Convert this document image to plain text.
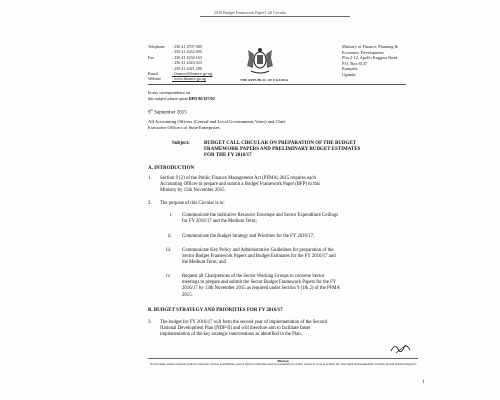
2016 Budget Framework Paper Call Circular
Telephone	: 256 41 4707 000
: 256 41 4232 095
Fax	: 256 41 4230 163
: 256 41 4343 023
: 256 41 4341 286
Email	: finance@finance.go.ug
Website	: www.finance.go.ug	THE REPUBLIC OF UGANDA
Ministry of Finance, Planning &
Economic Development
Plot 2-12, Apollo Kaggwa Road
P.O. Box 8147
Kampala
Uganda
In any correspondence on
this subject please quote BPD 86/107/02
9th September 2015
All Accounting Officers (Central and Local Governments Votes) and Chief
Executive Officers of State Enterprises
Subject:	BUDGET CALL CIRCULAR ON PREPARATION OF THE BUDGET
FRAMEWORK PAPERS AND PRELIMINARY BUDGET ESTIMATES
FOR THE FY 2016/17
A. INTRODUCTION
1. Section 9 (2) of the Public Finance Management Act (PFMA) 2015 requires each
Accounting Officer to prepare and submit a Budget Framework Paper (BFP) to this
Ministry by 15th November 2015.
2. The purpose of this Circular is to:
i. Communicate the Indicative Resource Envelope and Sector Expenditure Ceilings
for FY 2016/17 and the Medium Term;
ii. Communicate the Budget Strategy and Priorities for the FY 2016/17;
iii. Communicate Key Policy and Administrative Guidelines for preparation of the
Sector Budget Framework Papers and Budget Estimates for the FY 2016/17 and
the Medium Term; and
iv. Request all Chairpersons of the Sector Working Groups to convene Sector
meetings to prepare and submit the Sector Budget Framework Papers for the FY
2016/17 by 13th November 2015 as required under Section 9 (1& 2) of the PFMA
2015.
B. BUDGET STRATEGY AND PRIORITIES FOR FY 2016/17
3. The budget for FY 2016/17 will form the second year of implementation of the Second
National Development Plan (NDP-II) and will therefore aim to facilitate faster
implementation of the key strategic interventions as identified in the Plan.
Mission
"To formulate sound economic policies, maximize revenue mobilization, ensure efficient allocation and accountability for public resources so as to achieve the most rapid and sustainable economic growth and development"
1
